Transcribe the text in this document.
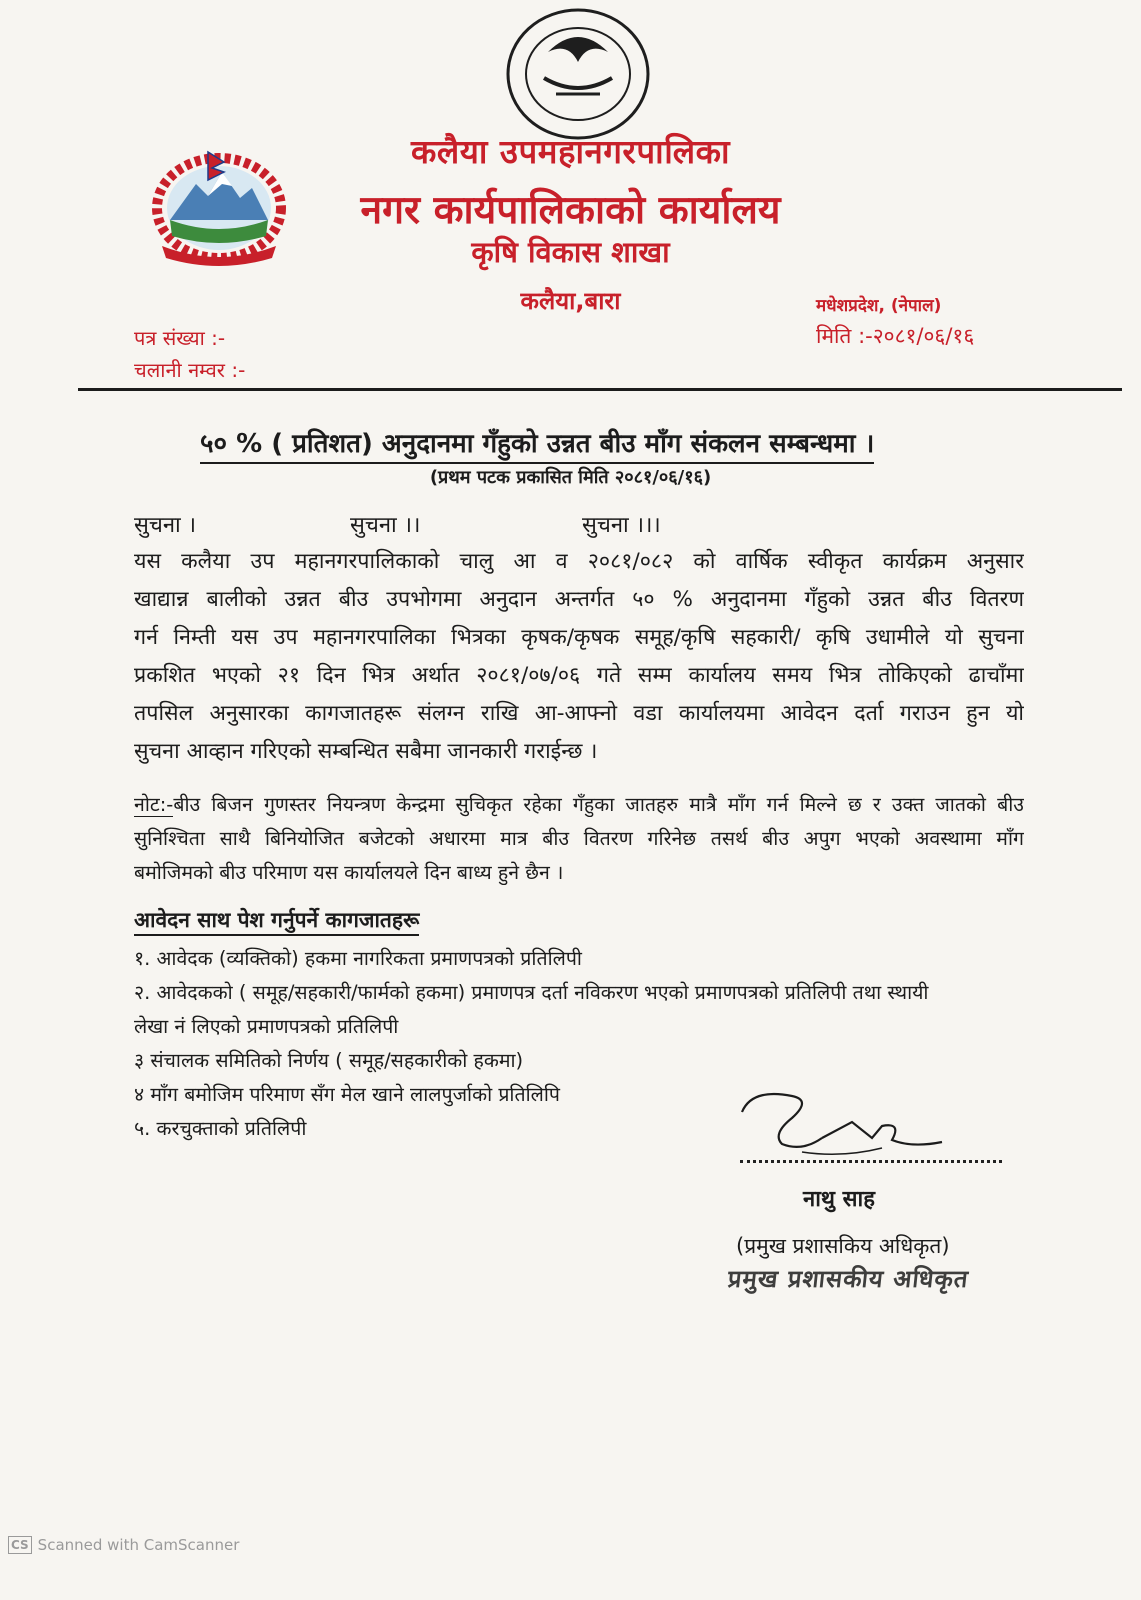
कलैया उपमहानगरपालिका
नगर कार्यपालिकाको कार्यालय
कृषि विकास शाखा
कलैया,बारा	मधेशप्रदेश, (नेपाल)
पत्र संख्या :-
चलानी नम्वर :-
मिति :-२०८१/०६/१६
५० % ( प्रतिशत) अनुदानमा गँहुको उन्नत बीउ माँग संकलन सम्बन्धमा ।
(प्रथम पटक प्रकासित मिति २०८१/०६/१६)
सुचना ।	सुचना ।।	सुचना ।।।
यस कलैया उप महानगरपालिकाको चालु आ व २०८१/०८२ को वार्षिक स्वीकृत कार्यक्रम अनुसार
खाद्यान्न बालीको उन्नत बीउ उपभोगमा अनुदान अन्तर्गत ५० % अनुदानमा गँहुको उन्नत बीउ वितरण
गर्न निम्ती यस उप महानगरपालिका भित्रका कृषक/कृषक समूह/कृषि सहकारी/ कृषि उधामीले यो सुचना
प्रकशित भएको २१ दिन भित्र अर्थात २०८१/०७/०६ गते सम्म कार्यालय समय भित्र तोकिएको ढाचाँमा
तपसिल अनुसारका कागजातहरू संलग्न राखि आ-आफ्नो वडा कार्यालयमा आवेदन दर्ता गराउन हुन यो
सुचना आव्हान गरिएको सम्बन्धित सबैमा जानकारी गराईन्छ ।
नोट:-बीउ बिजन गुणस्तर नियन्त्रण केन्द्रमा सुचिकृत रहेका गँहुका जातहरु मात्रै माँग गर्न मिल्ने छ र उक्त जातको बीउ
सुनिश्चिता साथै बिनियोजित बजेटको अधारमा मात्र बीउ वितरण गरिनेछ तसर्थ बीउ अपुग भएको अवस्थामा माँग
बमोजिमको बीउ परिमाण यस कार्यालयले दिन बाध्य हुने छैन ।
आवेदन साथ पेश गर्नुपर्ने कागजातहरू
१. आवेदक (व्यक्तिको) हकमा नागरिकता प्रमाणपत्रको प्रतिलिपी
२. आवेदकको ( समूह/सहकारी/फार्मको हकमा) प्रमाणपत्र दर्ता नविकरण भएको प्रमाणपत्रको प्रतिलिपी तथा स्थायी
लेखा नं लिएको प्रमाणपत्रको प्रतिलिपी
३ संचालक समितिको निर्णय ( समूह/सहकारीको हकमा)
४ माँग बमोजिम परिमाण सँग मेल खाने लालपुर्जाको प्रतिलिपि
५. करचुक्ताको प्रतिलिपी
नाथु साह
(प्रमुख प्रशासकिय अधिकृत)
प्रमुख प्रशासकीय अधिकृत
CS Scanned with CamScanner
